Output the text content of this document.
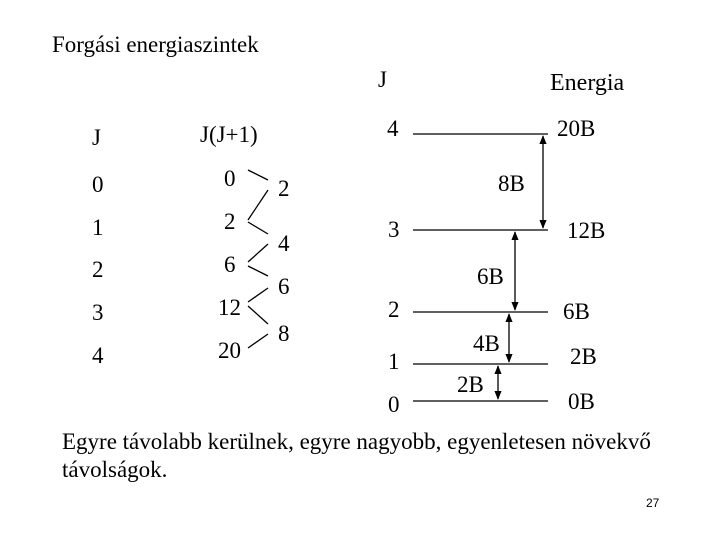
Forgási energiaszintek
J	J(J+1)
0
1
2
3
4
0
2
6
12
20
2
4
6
8
J	Energia
4
3
2
1
0
20B
12B
6B
2B
0B
8B
6B
4B
2B
Egyre távolabb kerülnek, egyre nagyobb, egyenletesen növekvő távolságok.
27
